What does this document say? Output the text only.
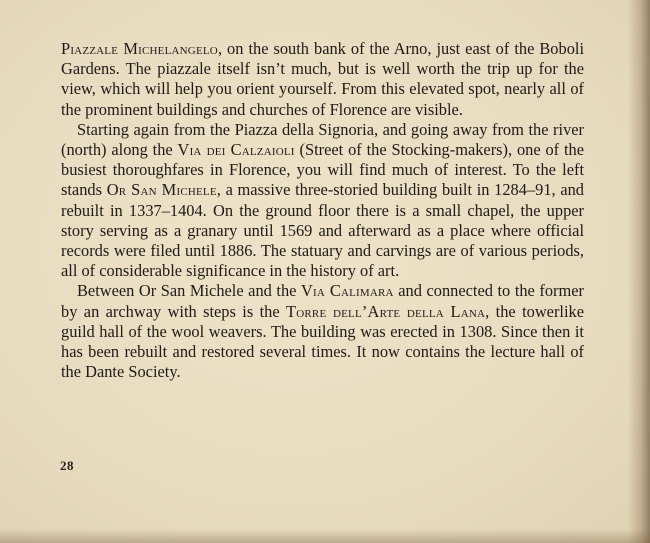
Piazzale Michelangelo, on the south bank of the Arno, just east of the Boboli Gardens. The piazzale itself isn’t much, but is well worth the trip up for the view, which will help you orient yourself. From this elevated spot, nearly all of the prominent buildings and churches of Florence are visible.

Starting again from the Piazza della Signoria, and going away from the river (north) along the Via dei Calzaioli (Street of the Stocking-makers), one of the busiest thoroughfares in Florence, you will find much of interest. To the left stands Or San Michele, a massive three-storied building built in 1284–91, and rebuilt in 1337–1404. On the ground floor there is a small chapel, the upper story serving as a granary until 1569 and afterward as a place where official records were filed until 1886. The statuary and carvings are of various periods, all of considerable significance in the history of art.

Between Or San Michele and the Via Calimara and connected to the former by an archway with steps is the Torre dell’Arte della Lana, the towerlike guild hall of the wool weavers. The building was erected in 1308. Since then it has been rebuilt and restored several times. It now contains the lecture hall of the Dante Society.

28
